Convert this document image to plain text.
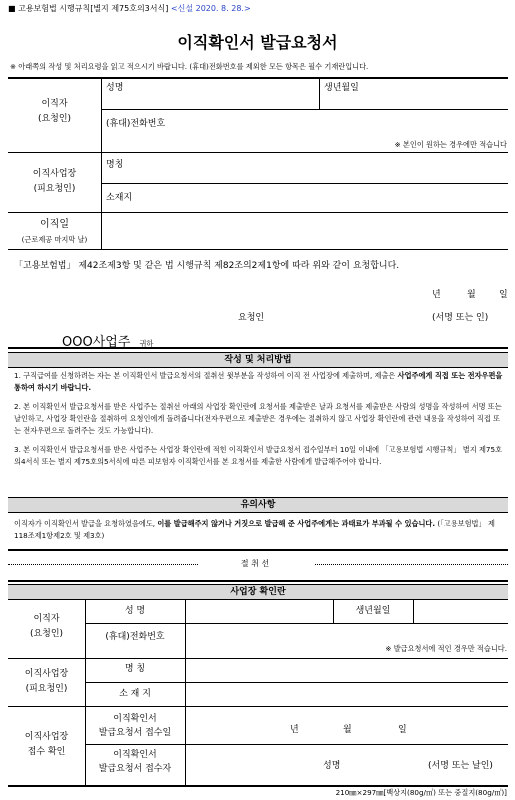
■ 고용보험법 시행규칙[별지 제75호의3서식] <신설 2020. 8. 28.>
이직확인서 발급요청서
※ 아래쪽의 작성 및 처리요령을 읽고 적으시기 바랍니다. (휴대)전화번호를 제외한 모든 항목은 필수 기재란입니다.

이직자

(요청인)

성명	생년월일
(휴대)전화번호
※ 본인이 원하는 경우에만 적습니다

이직사업장

(피요청인)

명칭
소재지

이직일

(근로제공 마지막 날)

「고용보험법」 제42조제3항 및 같은 법 시행규칙 제82조의2제1항에 따라 위와 같이 요청합니다.
년	월	일
요청인	(서명 또는 인)
OOO사업주 귀하
작성 및 처리방법

1. 구직급여를 신청하려는 자는 본 이직확인서 발급요청서의 절취선 윗부분을 작성하여 이직 전 사업장에 제출하며, 제출은 사업주에게 직접 또는 전자우편을 통하여 하시기 바랍니다.

2. 본 이직확인서 발급요청서를 받은 사업주는 절취선 아래의 사업장 확인란에 요청서를 제출받은 날과 요청서를 제출받은 사람의 성명을 작성하여 서명 또는 날인하고, 사업장 확인란을 절취하여 요청인에게 돌려줍니다(전자우편으로 제출받은 경우에는 절취하지 않고 사업장 확인란에 관련 내용을 작성하여 직접 또는 전자우편으로 돌려주는 것도 가능합니다).

3. 본 이직확인서 발급요청서를 받은 사업주는 사업장 확인란에 적힌 이직확인서 발급요청서 접수일부터 10일 이내에 「고용보험법 시행규칙」 별지 제75호의4서식 또는 별지 제75호의5서식에 따른 피보험자 이직확인서를 본 요청서를 제출한 사람에게 발급해주어야 합니다.

유의사항
이직자가 이직확인서 발급을 요청하였음에도, 이를 발급해주지 않거나 거짓으로 발급해 준 사업주에게는 과태료가 부과될 수 있습니다. (「고용보험법」 제118조제1항제2호 및 제3호)
절 취 선
사업장 확인란

이직자

(요청인)

성 명	생년월일
(휴대)전화번호
※ 발급요청서에 적인 경우만 적습니다.

이직사업장

(피요청인)

명 칭
소 재 지

이직사업장

접수 확인

이직확인서

발급요청서 접수일	년	월	일

이직확인서

발급요청서 접수자	성명	(서명 또는 날인)
210㎜×297㎜[백상지(80g/㎡) 또는 중질지(80g/㎡)]
